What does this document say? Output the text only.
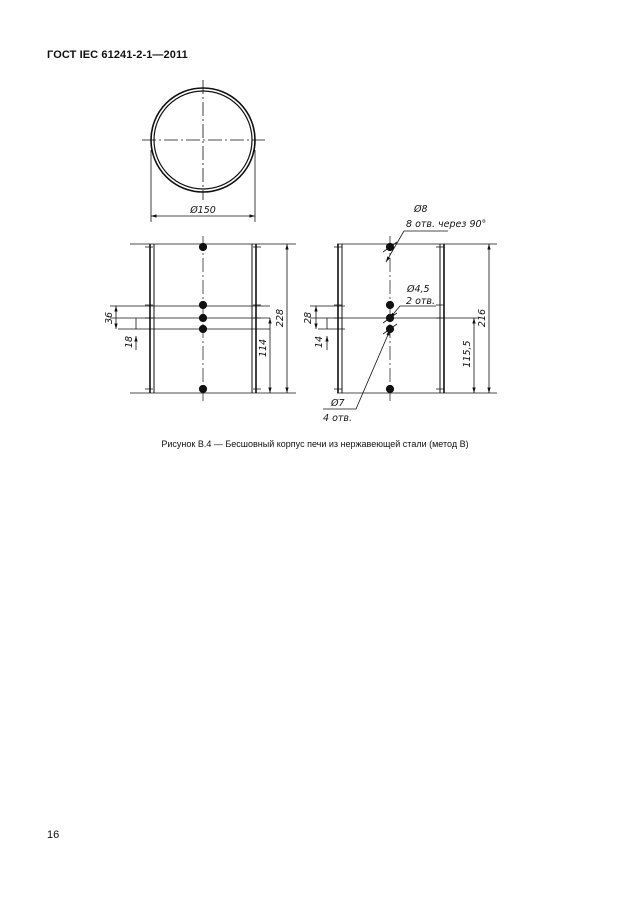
ГОСТ IEC 61241-2-1—2011
Ø150
36
18	114
228 28
14	115,5
216
Ø8
8 отв. через 90°
Ø4,5
2 отв.
Ø7
4 отв.
Рисунок B.4 — Бесшовный корпус печи из нержавеющей стали (метод B)
16
